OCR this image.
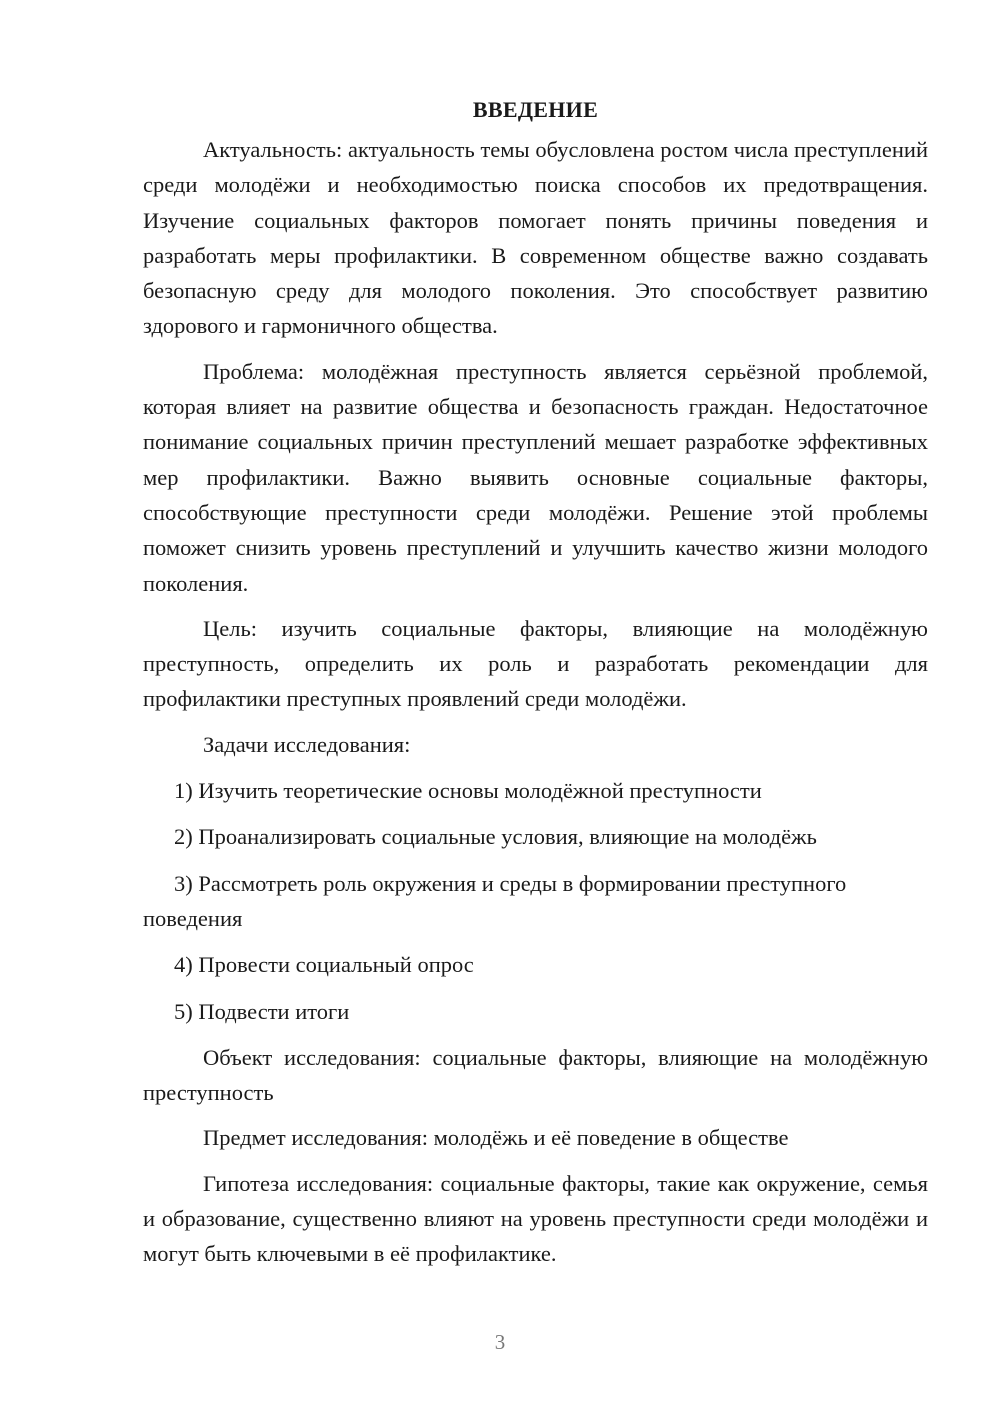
ВВЕДЕНИЕ

Актуальность: актуальность темы обусловлена ростом числа преступлений среди молодёжи и необходимостью поиска способов их предотвращения. Изучение социальных факторов помогает понять причины поведения и разработать меры профилактики. В современном обществе важно создавать безопасную среду для молодого поколения. Это способствует развитию здорового и гармоничного общества.

Проблема: молодёжная преступность является серьёзной проблемой, которая влияет на развитие общества и безопасность граждан. Недостаточное понимание социальных причин преступлений мешает разработке эффективных мер профилактики. Важно выявить основные социальные факторы, способствующие преступности среди молодёжи. Решение этой проблемы поможет снизить уровень преступлений и улучшить качество жизни молодого поколения.

Цель: изучить социальные факторы, влияющие на молодёжную преступность, определить их роль и разработать рекомендации для профилактики преступных проявлений среди молодёжи.

Задачи исследования:

1) Изучить теоретические основы молодёжной преступности

2) Проанализировать социальные условия, влияющие на молодёжь

3) Рассмотреть роль окружения и среды в формировании преступного поведения

4) Провести социальный опрос

5) Подвести итоги

Объект исследования: социальные факторы, влияющие на молодёжную преступность

Предмет исследования: молодёжь и её поведение в обществе

Гипотеза исследования: социальные факторы, такие как окружение, семья и образование, существенно влияют на уровень преступности среди молодёжи и могут быть ключевыми в её профилактике.

3
